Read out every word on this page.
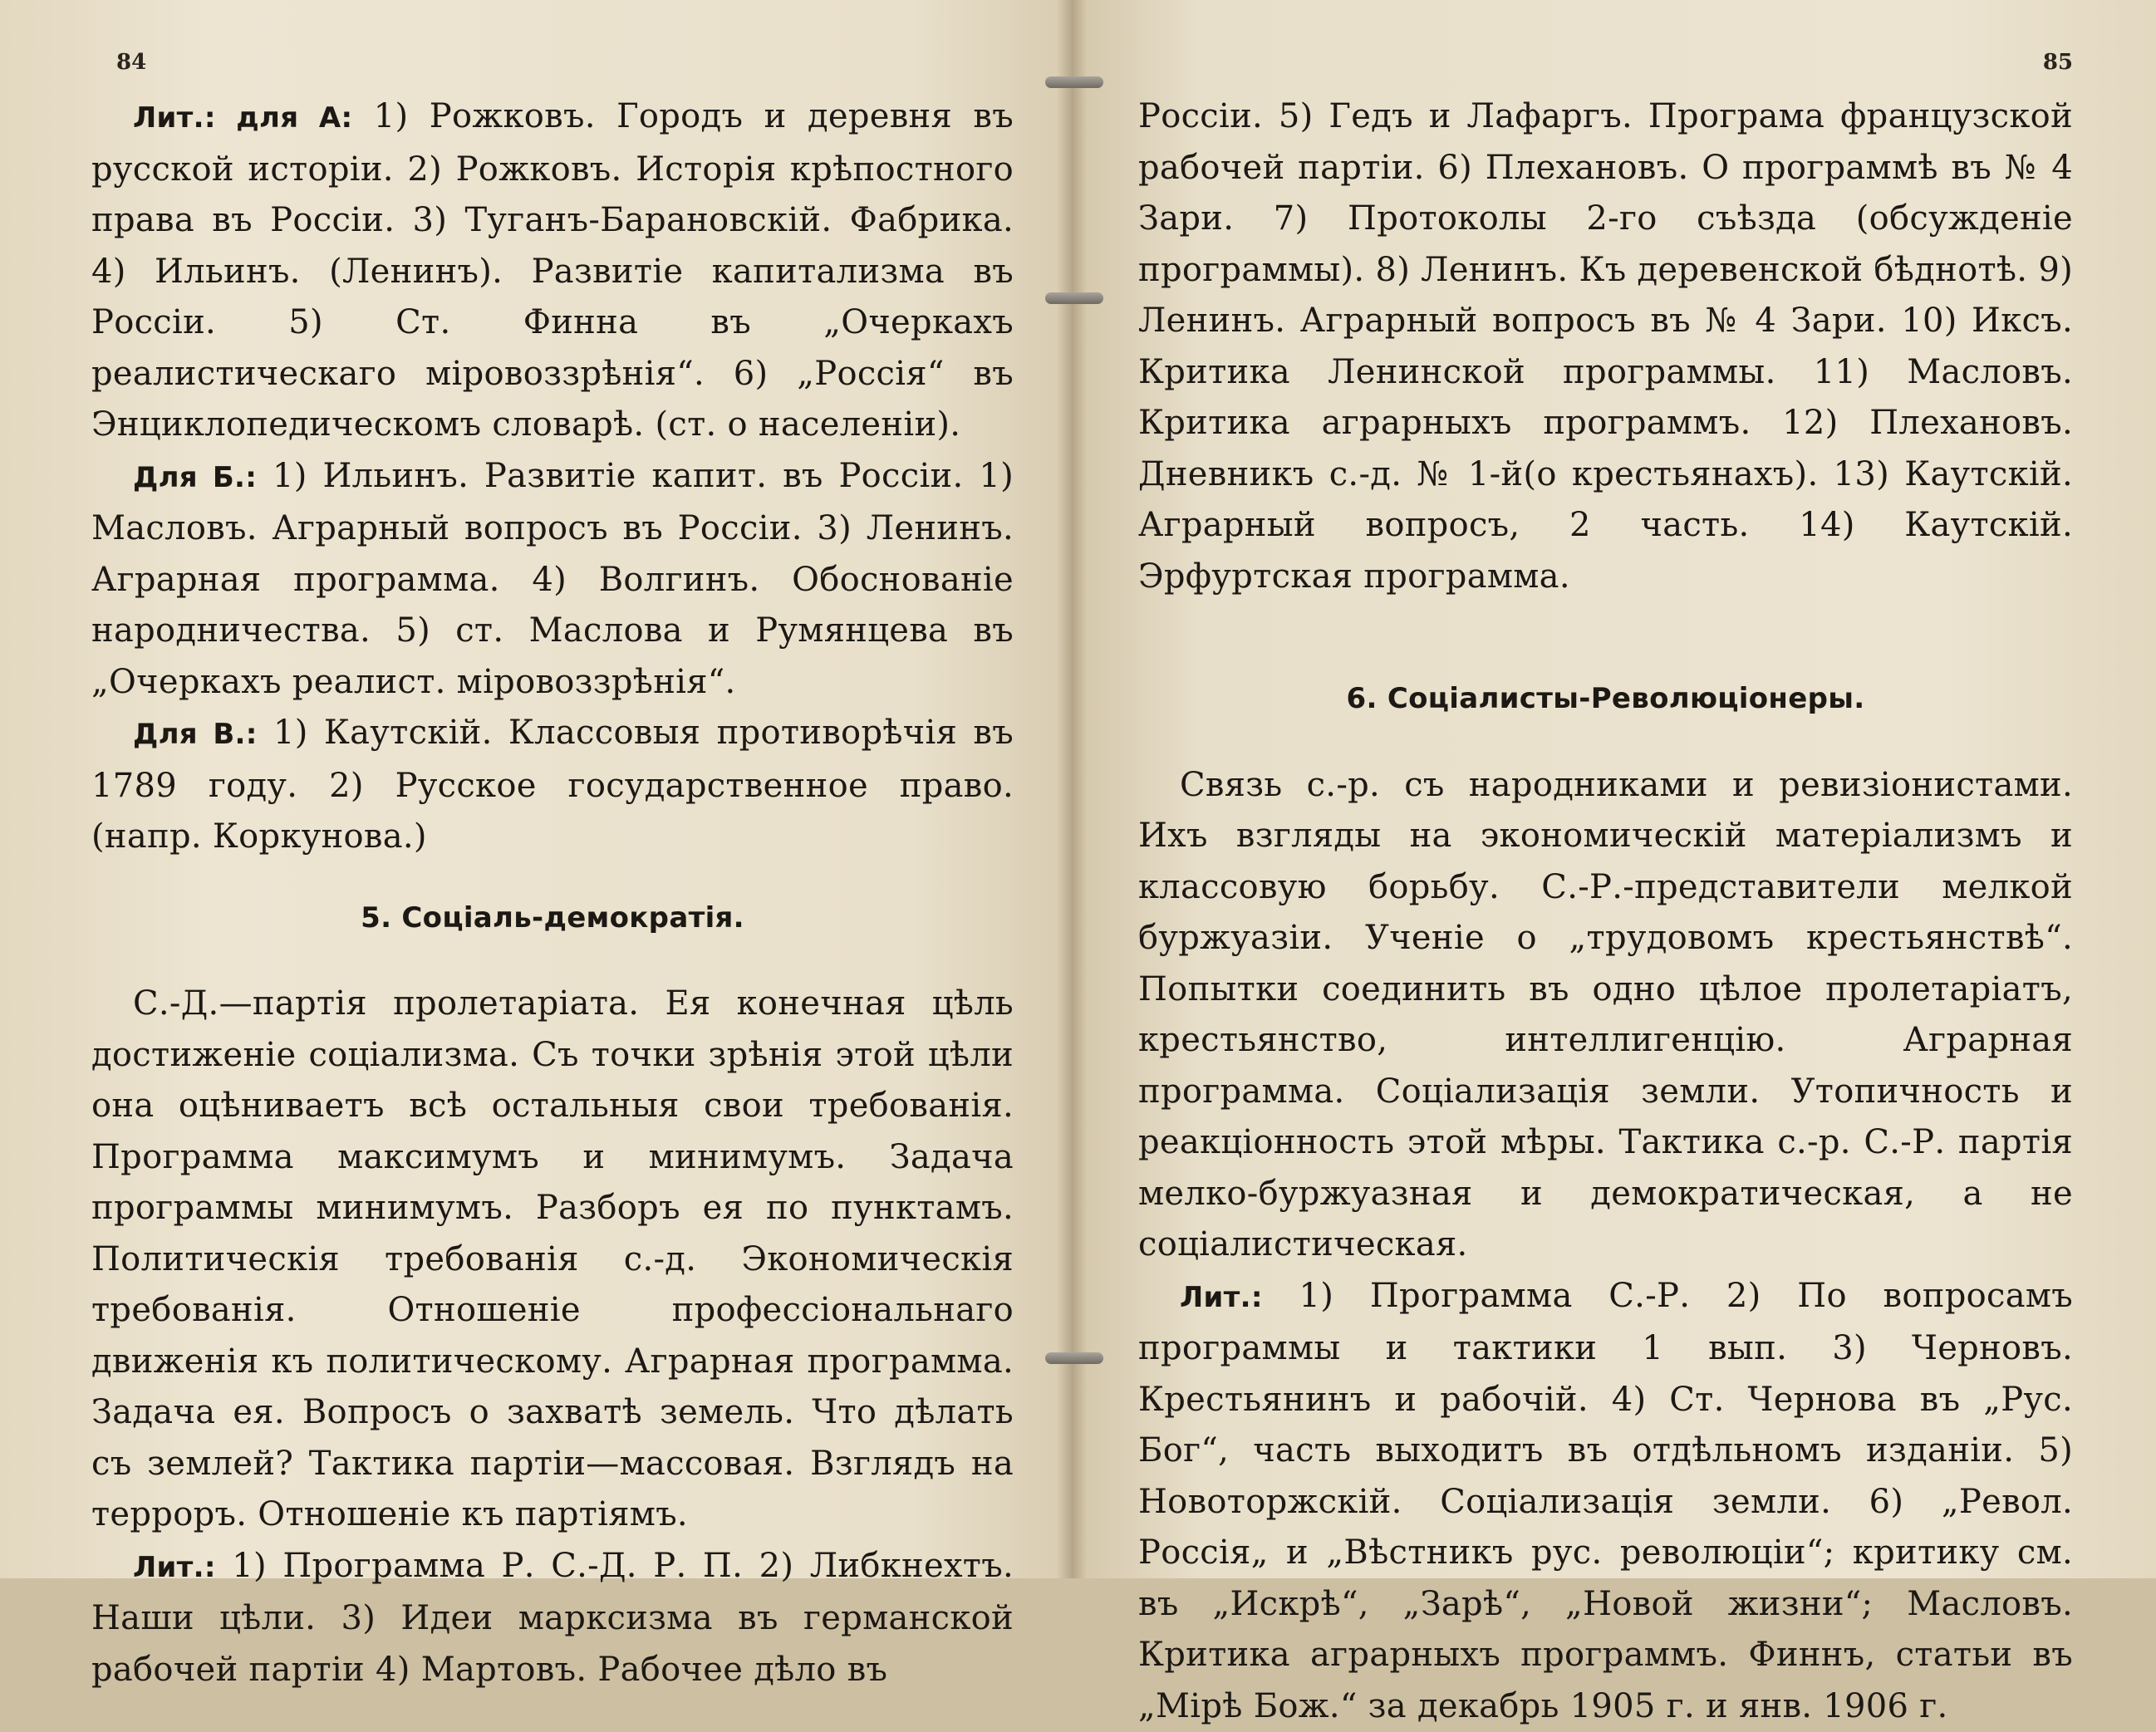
84

Лит.: для А: 1) Рожковъ. Городъ и деревня въ русской исторiи. 2) Рожковъ. Исторiя крѣпостного права въ Россiи. 3) Туганъ-Барановскiй. Фабрика. 4) Ильинъ. (Ленинъ). Развитiе капитализма въ Россiи. 5) Ст. Финна въ „Очеркахъ реалистическаго мiровоззрѣнiя“. 6) „Россiя“ въ Энциклопедическомъ словарѣ. (ст. о населенiи).

Для Б.: 1) Ильинъ. Развитiе капит. въ Россiи. 1) Масловъ. Аграрный вопросъ въ Россiи. 3) Ленинъ. Аграрная программа. 4) Волгинъ. Обоснованiе народничества. 5) ст. Маслова и Румянцева въ „Очеркахъ реалист. мiровоззрѣнiя“.

Для В.: 1) Каутскiй. Классовыя противорѣчiя въ 1789 году. 2) Русское государственное право. (напр. Коркунова.)

5. Соцiаль-демократiя.

С.-Д.—партiя пролетарiата. Ея конечная цѣль достиженiе соцiализма. Съ точки зрѣнiя этой цѣли она оцѣниваетъ всѣ остальныя свои требованiя. Программа максимумъ и минимумъ. Задача программы минимумъ. Разборъ ея по пунктамъ. Политическiя требованiя с.-д. Экономическiя требованiя. Отношенiе профессiональнаго движенiя къ политическому. Аграрная программа. Задача ея. Вопросъ о захватѣ земель. Что дѣлать съ землей? Тактика партiи—массовая. Взглядъ на терроръ. Отношенiе къ партiямъ.

Лит.: 1) Программа Р. С.-Д. Р. П. 2) Либкнехтъ. Наши цѣли. 3) Идеи марксизма въ германской рабочей партiи 4) Мартовъ. Рабочее дѣло въ

85

Россiи. 5) Гедъ и Лафаргъ. Програма французской рабочей партiи. 6) Плехановъ. О программѣ въ № 4 Зари. 7) Протоколы 2-го съѣзда (обсужденiе программы). 8) Ленинъ. Къ деревенской бѣднотѣ. 9) Ленинъ. Аграрный вопросъ въ № 4 Зари. 10) Иксъ. Критика Ленинской программы. 11) Масловъ. Критика аграрныхъ программъ. 12) Плехановъ. Дневникъ с.-д. № 1-й(о крестьянахъ). 13) Каутскiй. Аграрный вопросъ, 2 часть. 14) Каутскiй. Эрфуртская программа.

6. Соцiалисты-Революцiонеры.

Связь с.-р. съ народниками и ревизiонистами. Ихъ взгляды на экономическiй матерiализмъ и классовую борьбу. С.-Р.-представители мелкой буржуазiи. Ученiе о „трудовомъ крестьянствѣ“. Попытки соединить въ одно цѣлое пролетарiатъ, крестьянство, интеллигенцiю. Аграрная программа. Соцiализацiя земли. Утопичность и реакцiонность этой мѣры. Тактика с.-р. С.-Р. партiя мелко-буржуазная и демократическая, а не соцiалистическая.

Лит.: 1) Программа С.-Р. 2) По вопросамъ программы и тактики 1 вып. 3) Черновъ. Крестьянинъ и рабочiй. 4) Ст. Чернова въ „Рус. Бог“, часть выходитъ въ отдѣльномъ изданiи. 5) Новоторжскiй. Соцiализацiя земли. 6) „Револ. Россiя„ и „Вѣстникъ рус. революцiи“; критику см. въ „Искрѣ“, „Зарѣ“, „Новой жизни“; Масловъ. Критика аграрныхъ программъ. Финнъ, статьи въ „Мiрѣ Бож.“ за декабрь 1905 г. и янв. 1906 г.
